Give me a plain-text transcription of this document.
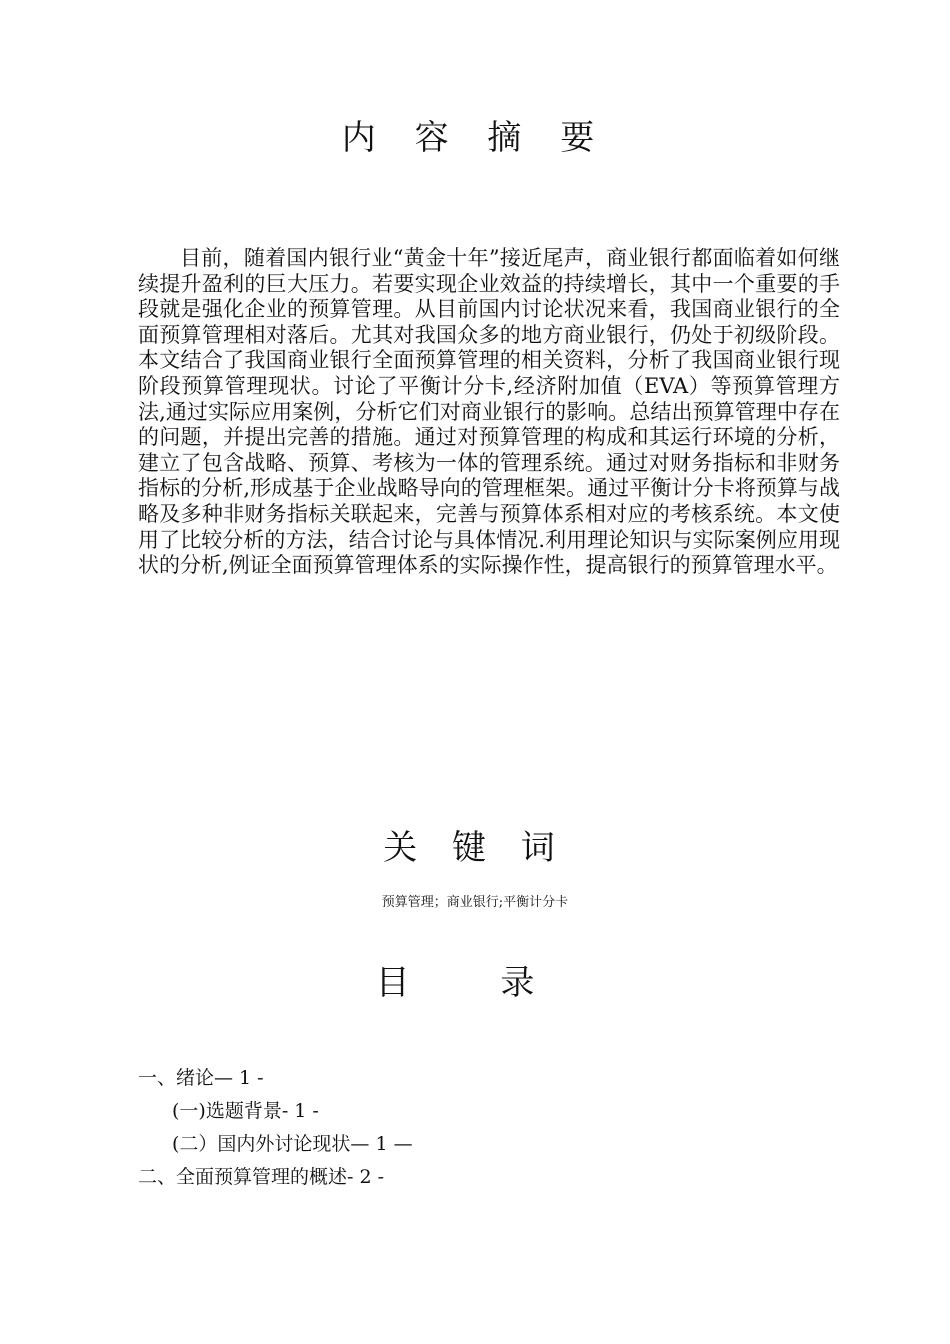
内 容 摘 要

目前，随着国内银行业“黄金十年”接近尾声，商业银行都面临着如何继续提升盈利的巨大压力。若要实现企业效益的持续增长，其中一个重要的手段就是强化企业的预算管理。从目前国内讨论状况来看，我国商业银行的全面预算管理相对落后。尤其对我国众多的地方商业银行，仍处于初级阶段。本文结合了我国商业银行全面预算管理的相关资料，分析了我国商业银行现阶段预算管理现状。讨论了平衡计分卡,经济附加值（EVA）等预算管理方法,通过实际应用案例，分析它们对商业银行的影响。总结出预算管理中存在的问题，并提出完善的措施。通过对预算管理的构成和其运行环境的分析，建立了包含战略、预算、考核为一体的管理系统。通过对财务指标和非财务指标的分析,形成基于企业战略导向的管理框架。通过平衡计分卡将预算与战略及多种非财务指标关联起来，完善与预算体系相对应的考核系统。本文使用了比较分析的方法，结合讨论与具体情况.利用理论知识与实际案例应用现状的分析,例证全面预算管理体系的实际操作性，提高银行的预算管理水平。

关 键 词

预算管理；商业银行;平衡计分卡

目 录
一、绪论— 1 -
(一)选题背景- 1 -
(二）国内外讨论现状— 1 —
二、全面预算管理的概述- 2 -
